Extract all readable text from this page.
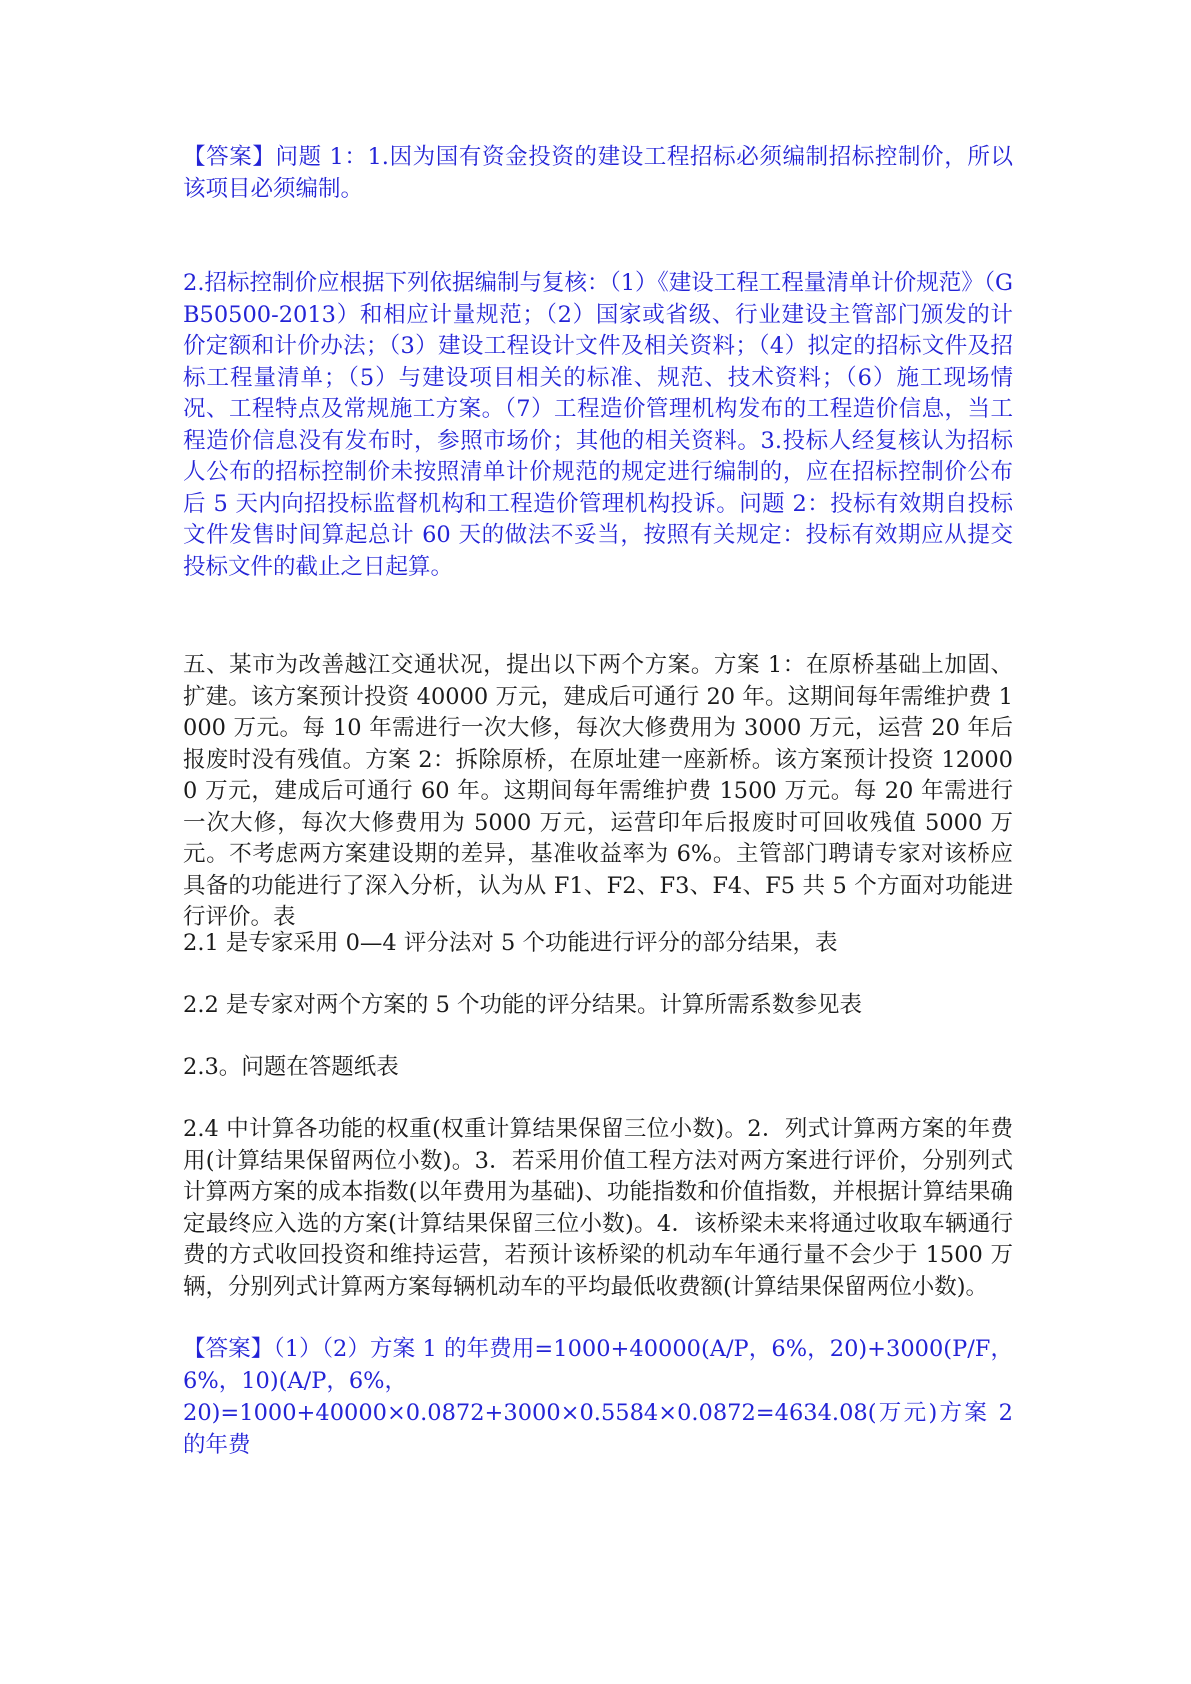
【答案】问题 1：1.因为国有资金投资的建设工程招标必须编制招标控制价，所以该项目必须编制。

2.招标控制价应根据下列依据编制与复核：（1）《建设工程工程量清单计价规范》（GB50500-2013）和相应计量规范；（2）国家或省级、行业建设主管部门颁发的计价定额和计价办法；（3）建设工程设计文件及相关资料；（4）拟定的招标文件及招标工程量清单；（5）与建设项目相关的标准、规范、技术资料；（6）施工现场情况、工程特点及常规施工方案。（7）工程造价管理机构发布的工程造价信息，当工程造价信息没有发布时，参照市场价；其他的相关资料。3.投标人经复核认为招标人公布的招标控制价未按照清单计价规范的规定进行编制的，应在招标控制价公布后 5 天内向招投标监督机构和工程造价管理机构投诉。问题 2：投标有效期自投标文件发售时间算起总计 60 天的做法不妥当，按照有关规定：投标有效期应从提交投标文件的截止之日起算。

五、某市为改善越江交通状况，提出以下两个方案。方案 1：在原桥基础上加固、扩建。该方案预计投资 40000 万元，建成后可通行 20 年。这期间每年需维护费 1000 万元。每 10 年需进行一次大修，每次大修费用为 3000 万元，运营 20 年后报废时没有残值。方案 2：拆除原桥，在原址建一座新桥。该方案预计投资 120000 万元，建成后可通行 60 年。这期间每年需维护费 1500 万元。每 20 年需进行一次大修，每次大修费用为 5000 万元，运营印年后报废时可回收残值 5000 万元。不考虑两方案建设期的差异，基准收益率为 6%。主管部门聘请专家对该桥应具备的功能进行了深入分析，认为从 F1、F2、F3、F4、F5 共 5 个方面对功能进行评价。表

2.1 是专家采用 0—4 评分法对 5 个功能进行评分的部分结果，表

2.2 是专家对两个方案的 5 个功能的评分结果。计算所需系数参见表

2.3。问题在答题纸表

2.4 中计算各功能的权重(权重计算结果保留三位小数)。2．列式计算两方案的年费用(计算结果保留两位小数)。3．若采用价值工程方法对两方案进行评价，分别列式计算两方案的成本指数(以年费用为基础)、功能指数和价值指数，并根据计算结果确定最终应入选的方案(计算结果保留三位小数)。4．该桥梁未来将通过收取车辆通行费的方式收回投资和维持运营，若预计该桥梁的机动车年通行量不会少于 1500 万辆，分别列式计算两方案每辆机动车的平均最低收费额(计算结果保留两位小数)。

【答案】（1）（2）方案 1 的年费用=1000+40000(A/P，6%，20)+3000(P/F，6%，10)(A/P，6%，

20)=1000+40000×0.0872+3000×0.5584×0.0872=4634.08(万元)方案 2 的年费
